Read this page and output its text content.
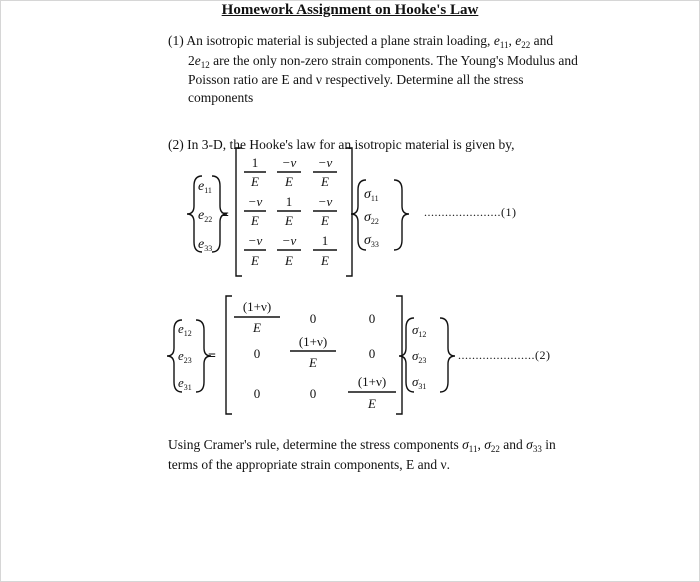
Homework Assignment on Hooke's Law
(1) An isotropic material is subjected a plane strain loading, $e_{11}$, $e_{22}$ and
$2e_{12}$ are the only non-zero strain components. The Young's Modulus and
Poisson ratio are E and ν respectively. Determine all the stress
components
(2) In 3-D, the Hooke's law for an isotropic material is given by,
$e_{11}$
$e_{22}$
$e_{33}$
=
1 −ν −ν
−ν 1 −ν
−ν −ν 1
E E E
E E E
E E E
$\sigma_{11}$
$\sigma_{22}$
$\sigma_{33}$
$e_{12}$
$e_{23}$
$e_{31}$
=
(1+ν)
E
0	0
0
(1+ν)
E
0
0	0
(1+ν)
E
$\sigma_{12}$
$\sigma_{23}$
$\sigma_{31}$
......................(1)
......................(2)
Using Cramer's rule, determine the stress components $\sigma_{11}$, $\sigma_{22}$ and $\sigma_{33}$ in
terms of the appropriate strain components, E and ν.
